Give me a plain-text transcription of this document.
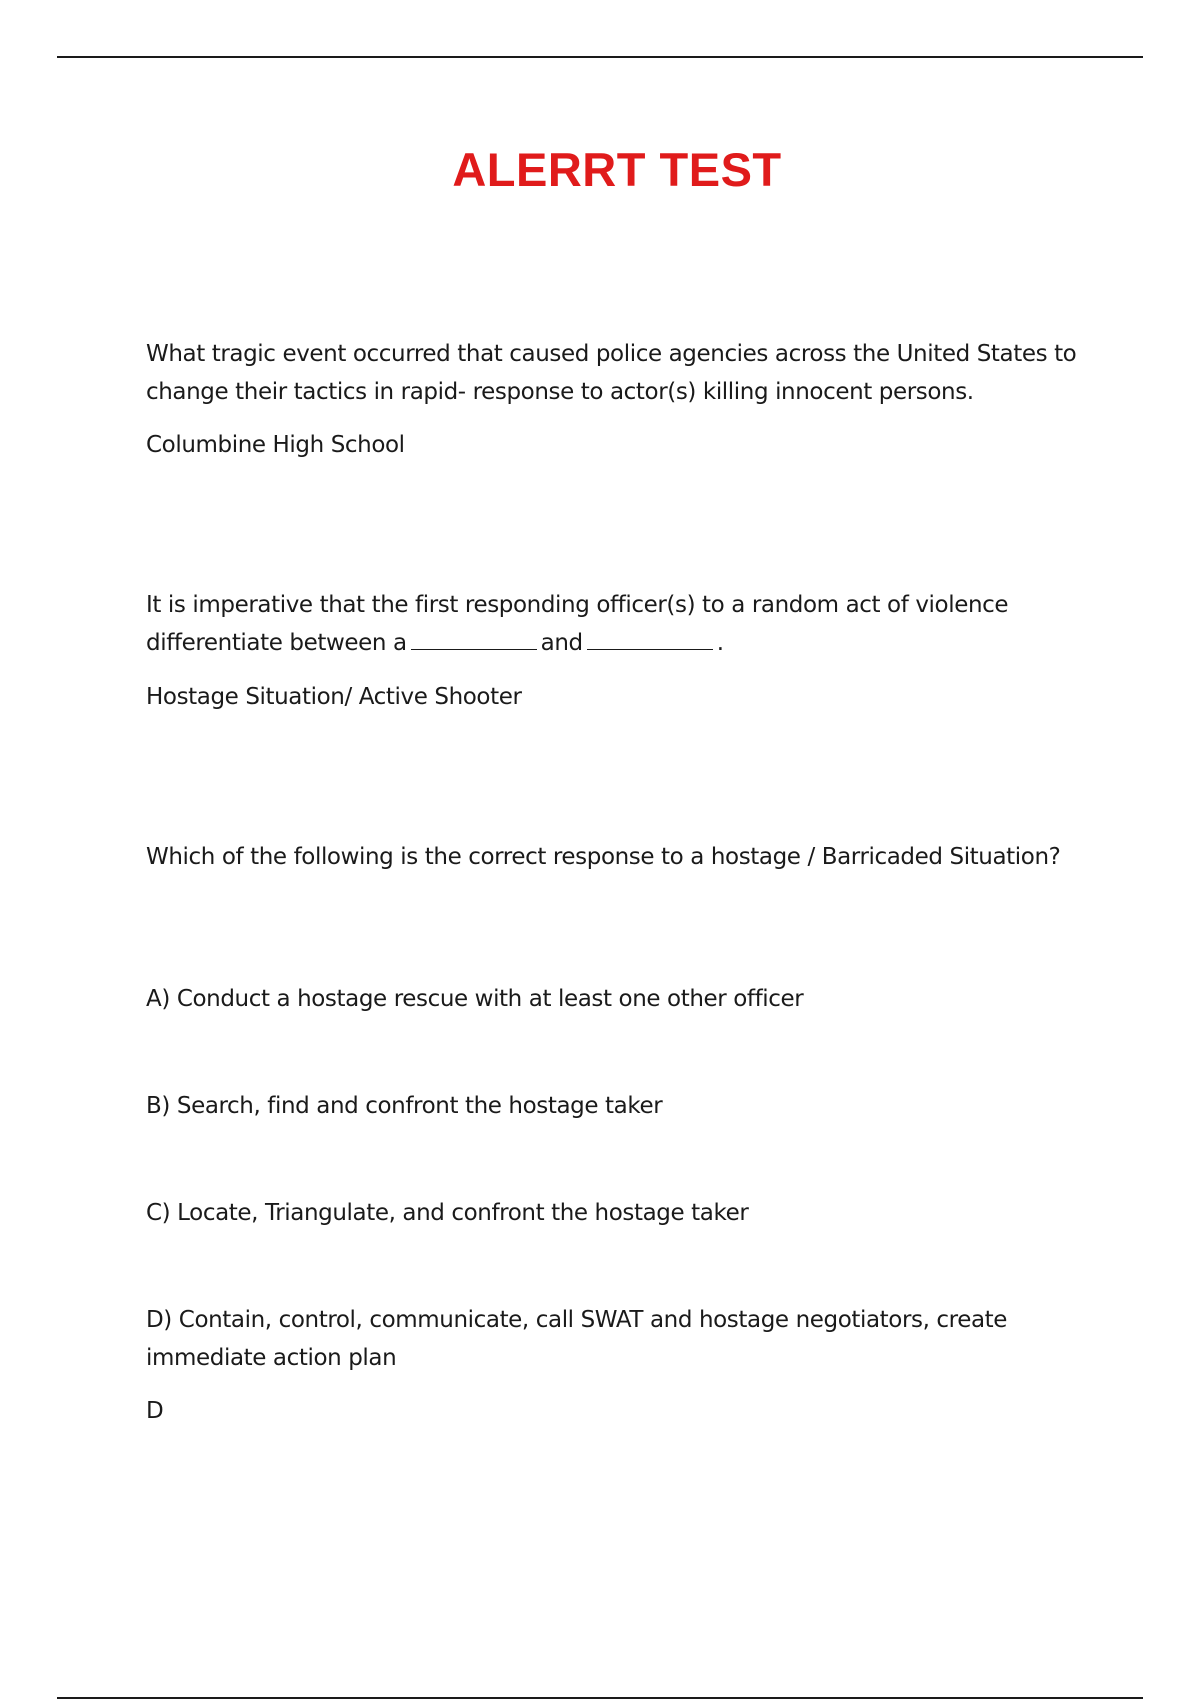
ALERRT TEST

What tragic event occurred that caused police agencies across the United States to change their tactics in rapid- response to actor(s) killing innocent persons.

Columbine High School

It is imperative that the first responding officer(s) to a random act of violence differentiate between a	and	.

Hostage Situation/ Active Shooter

Which of the following is the correct response to a hostage / Barricaded Situation?

A) Conduct a hostage rescue with at least one other officer

B) Search, find and confront the hostage taker

C) Locate, Triangulate, and confront the hostage taker

D) Contain, control, communicate, call SWAT and hostage negotiators, create immediate action plan

D
